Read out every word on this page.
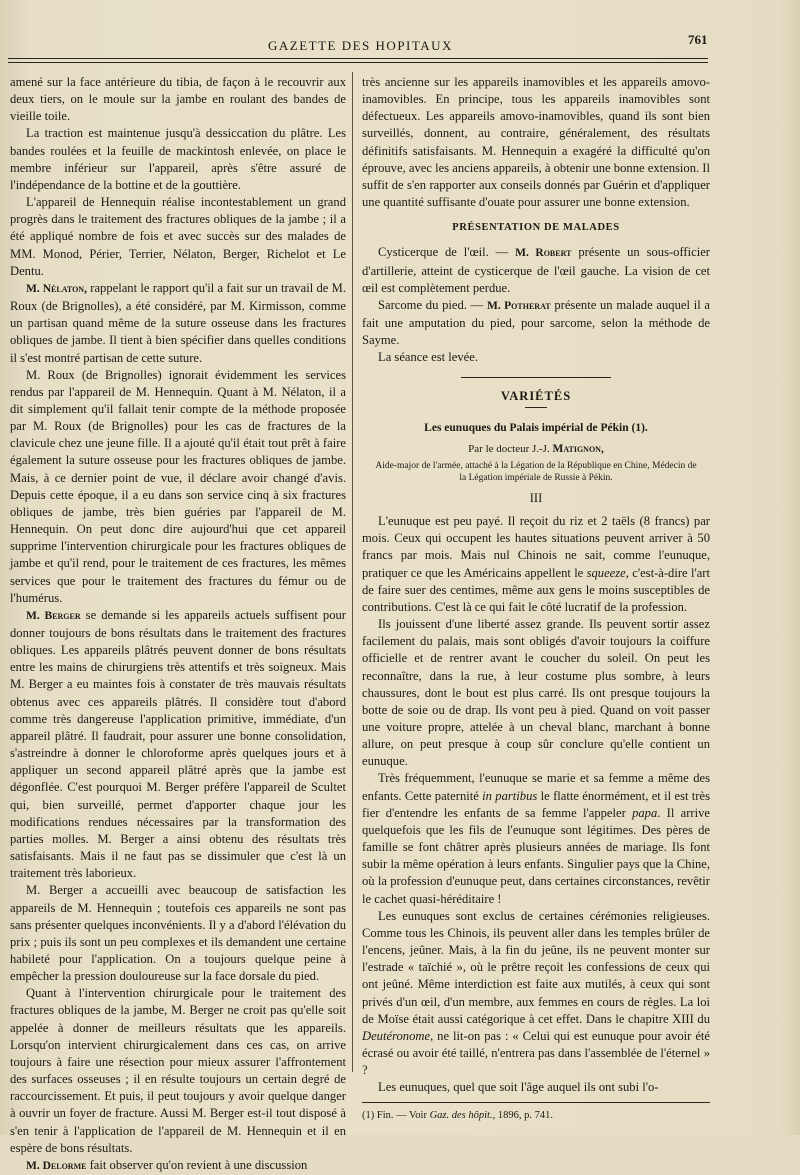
GAZETTE DES HOPITAUX	761

amené sur la face antérieure du tibia, de façon à le recouvrir aux deux tiers, on le moule sur la jambe en roulant des bandes de vieille toile.

La traction est maintenue jusqu'à dessiccation du plâtre. Les bandes roulées et la feuille de mackintosh enlevée, on place le membre inférieur sur l'appareil, après s'être assuré de l'indépendance de la bottine et de la gouttière.

L'appareil de Hennequin réalise incontestablement un grand progrès dans le traitement des fractures obliques de la jambe ; il a été appliqué nombre de fois et avec succès sur des malades de MM. Monod, Périer, Terrier, Nélaton, Berger, Richelot et Le Dentu.

M. Nélaton, rappelant le rapport qu'il a fait sur un travail de M. Roux (de Brignolles), a été considéré, par M. Kirmisson, comme un partisan quand même de la suture osseuse dans les fractures obliques de jambe. Il tient à bien spécifier dans quelles conditions il s'est montré partisan de cette suture.

M. Roux (de Brignolles) ignorait évidemment les services rendus par l'appareil de M. Hennequin. Quant à M. Nélaton, il a dit simplement qu'il fallait tenir compte de la méthode proposée par M. Roux (de Brignolles) pour les cas de fractures de la clavicule chez une jeune fille. Il a ajouté qu'il était tout prêt à faire également la suture osseuse pour les fractures obliques de jambe. Mais, à ce dernier point de vue, il déclare avoir changé d'avis. Depuis cette époque, il a eu dans son service cinq à six fractures obliques de jambe, très bien guéries par l'appareil de M. Hennequin. On peut donc dire aujourd'hui que cet appareil supprime l'intervention chirurgicale pour les fractures obliques de jambe et qu'il rend, pour le traitement de ces fractures, les mêmes services que pour le traitement des fractures du fémur ou de l'humérus.

M. Berger se demande si les appareils actuels suffisent pour donner toujours de bons résultats dans le traitement des fractures obliques. Les appareils plâtrés peuvent donner de bons résultats entre les mains de chirurgiens très attentifs et très soigneux. Mais M. Berger a eu maintes fois à constater de très mauvais résultats obtenus avec ces appareils plâtrés. Il considère tout d'abord comme très dangereuse l'application primitive, immédiate, d'un appareil plâtré. Il faudrait, pour assurer une bonne consolidation, s'astreindre à donner le chloroforme après quelques jours et à appliquer un second appareil plâtré après que la jambe est dégonflée. C'est pourquoi M. Berger préfère l'appareil de Scultet qui, bien surveillé, permet d'apporter chaque jour les modifications rendues nécessaires par la transformation des parties molles. M. Berger a ainsi obtenu des résultats très satisfaisants. Mais il ne faut pas se dissimuler que c'est là un traitement très laborieux.

M. Berger a accueilli avec beaucoup de satisfaction les appareils de M. Hennequin ; toutefois ces appareils ne sont pas sans présenter quelques inconvénients. Il y a d'abord l'élévation du prix ; puis ils sont un peu complexes et ils demandent une certaine habileté pour l'application. On a toujours quelque peine à empêcher la pression douloureuse sur la face dorsale du pied.

Quant à l'intervention chirurgicale pour le traitement des fractures obliques de la jambe, M. Berger ne croit pas qu'elle soit appelée à donner de meilleurs résultats que les appareils. Lorsqu'on intervient chirurgicalement dans ces cas, on arrive toujours à faire une résection pour mieux assurer l'affrontement des surfaces osseuses ; il en résulte toujours un certain degré de raccourcissement. Et puis, il peut toujours y avoir quelque danger à ouvrir un foyer de fracture. Aussi M. Berger est-il tout disposé à s'en tenir à l'application de l'appareil de M. Hennequin et il en espère de bons résultats.

M. Delorme fait observer qu'on revient à une discussion

très ancienne sur les appareils inamovibles et les appareils amovo-inamovibles. En principe, tous les appareils inamovibles sont défectueux. Les appareils amovo-inamovibles, quand ils sont bien surveillés, donnent, au contraire, généralement, des résultats définitifs satisfaisants. M. Hennequin a exagéré la difficulté qu'on éprouve, avec les anciens appareils, à obtenir une bonne extension. Il suffit de s'en rapporter aux conseils donnés par Guérin et d'appliquer une quantité suffisante d'ouate pour assurer une bonne extension.

PRÉSENTATION DE MALADES

Cysticerque de l'œil. — M. Robert présente un sous-officier d'artillerie, atteint de cysticerque de l'œil gauche. La vision de cet œil est complètement perdue.

Sarcome du pied. — M. Potherat présente un malade auquel il a fait une amputation du pied, pour sarcome, selon la méthode de Sayme.

La séance est levée.

VARIÉTÉS
Les eunuques du Palais impérial de Pékin (1).
Par le docteur J.-J. Matignon,
Aide-major de l'armée, attaché à la Légation de la République en Chine, Médecin de la Légation impériale de Russie à Pékin.
III

L'eunuque est peu payé. Il reçoit du riz et 2 taëls (8 francs) par mois. Ceux qui occupent les hautes situations peuvent arriver à 50 francs par mois. Mais nul Chinois ne sait, comme l'eunuque, pratiquer ce que les Américains appellent le squeeze, c'est-à-dire l'art de faire suer des centimes, même aux gens le moins susceptibles de contributions. C'est là ce qui fait le côté lucratif de la profession.

Ils jouissent d'une liberté assez grande. Ils peuvent sortir assez facilement du palais, mais sont obligés d'avoir toujours la coiffure officielle et de rentrer avant le coucher du soleil. On peut les reconnaître, dans la rue, à leur costume plus sombre, à leurs chaussures, dont le bout est plus carré. Ils ont presque toujours la botte de soie ou de drap. Ils vont peu à pied. Quand on voit passer une voiture propre, attelée à un cheval blanc, marchant à bonne allure, on peut presque à coup sûr conclure qu'elle contient un eunuque.

Très fréquemment, l'eunuque se marie et sa femme a même des enfants. Cette paternité in partibus le flatte énormément, et il est très fier d'entendre les enfants de sa femme l'appeler papa. Il arrive quelquefois que les fils de l'eunuque sont légitimes. Des pères de famille se font châtrer après plusieurs années de mariage. Ils font subir la même opération à leurs enfants. Singulier pays que la Chine, où la profession d'eunuque peut, dans certaines circonstances, revêtir le cachet quasi-héréditaire !

Les eunuques sont exclus de certaines cérémonies religieuses. Comme tous les Chinois, ils peuvent aller dans les temples brûler de l'encens, jeûner. Mais, à la fin du jeûne, ils ne peuvent monter sur l'estrade « taïchié », où le prêtre reçoit les confessions de ceux qui ont jeûné. Même interdiction est faite aux mutilés, à ceux qui sont privés d'un œil, d'un membre, aux femmes en cours de règles. La loi de Moïse était aussi catégorique à cet effet. Dans le chapitre XIII du Deutéronome, ne lit-on pas : « Celui qui est eunuque pour avoir été écrasé ou avoir été taillé, n'entrera pas dans l'assemblée de l'éternel » ?

Les eunuques, quel que soit l'âge auquel ils ont subi l'o-

(1) Fin. — Voir Gaz. des hôpit., 1896, p. 741.
